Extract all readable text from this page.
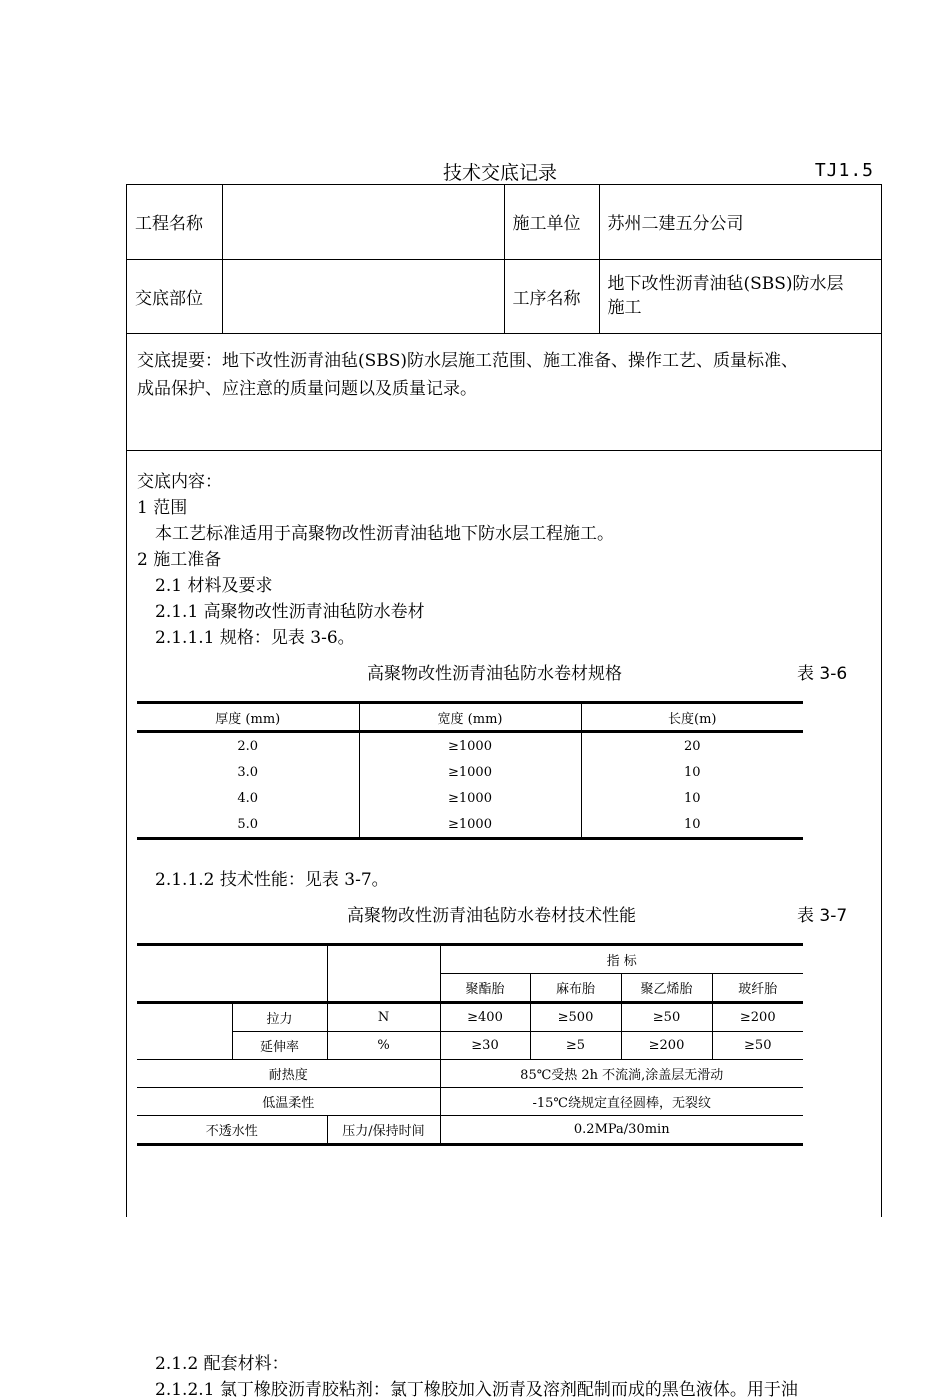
技术交底记录	TJ1.5
工程名称		施工单位	苏州二建五分公司
交底部位		工序名称	地下改性沥青油毡(SBS)防水层
施工
交底提要：地下改性沥青油毡(SBS)防水层施工范围、施工准备、操作工艺、质量标准、
成品保护、应注意的质量问题以及质量记录。
交底内容：
1 范围
本工艺标准适用于高聚物改性沥青油毡地下防水层工程施工。
2 施工准备
2.1 材料及要求
2.1.1 高聚物改性沥青油毡防水卷材
2.1.1.1 规格：见表 3-6。
高聚物改性沥青油毡防水卷材规格	表 3-6
厚度 (mm)	宽度 (mm)	长度(m)
2.0	≥1000	20
3.0	≥1000	10
4.0	≥1000	10
5.0	≥1000	10
2.1.1.2 技术性能：见表 3-7。
高聚物改性沥青油毡防水卷材技术性能	表 3-7
			指 标			
			聚酯胎	麻布胎	聚乙烯胎	玻纤胎
	拉力	N	≥400	≥500	≥50	≥200
	延伸率	%	≥30	≥5	≥200	≥50
耐热度			85℃受热 2h 不流淌,涂盖层无滑动			
低温柔性			-15℃绕规定直径圆棒，无裂纹			
不透水性		压力/保持时间	0.2MPa/30min			
2.1.2 配套材料：
2.1.2.1 氯丁橡胶沥青胶粘剂：氯丁橡胶加入沥青及溶剂配制而成的黑色液体。用于油
